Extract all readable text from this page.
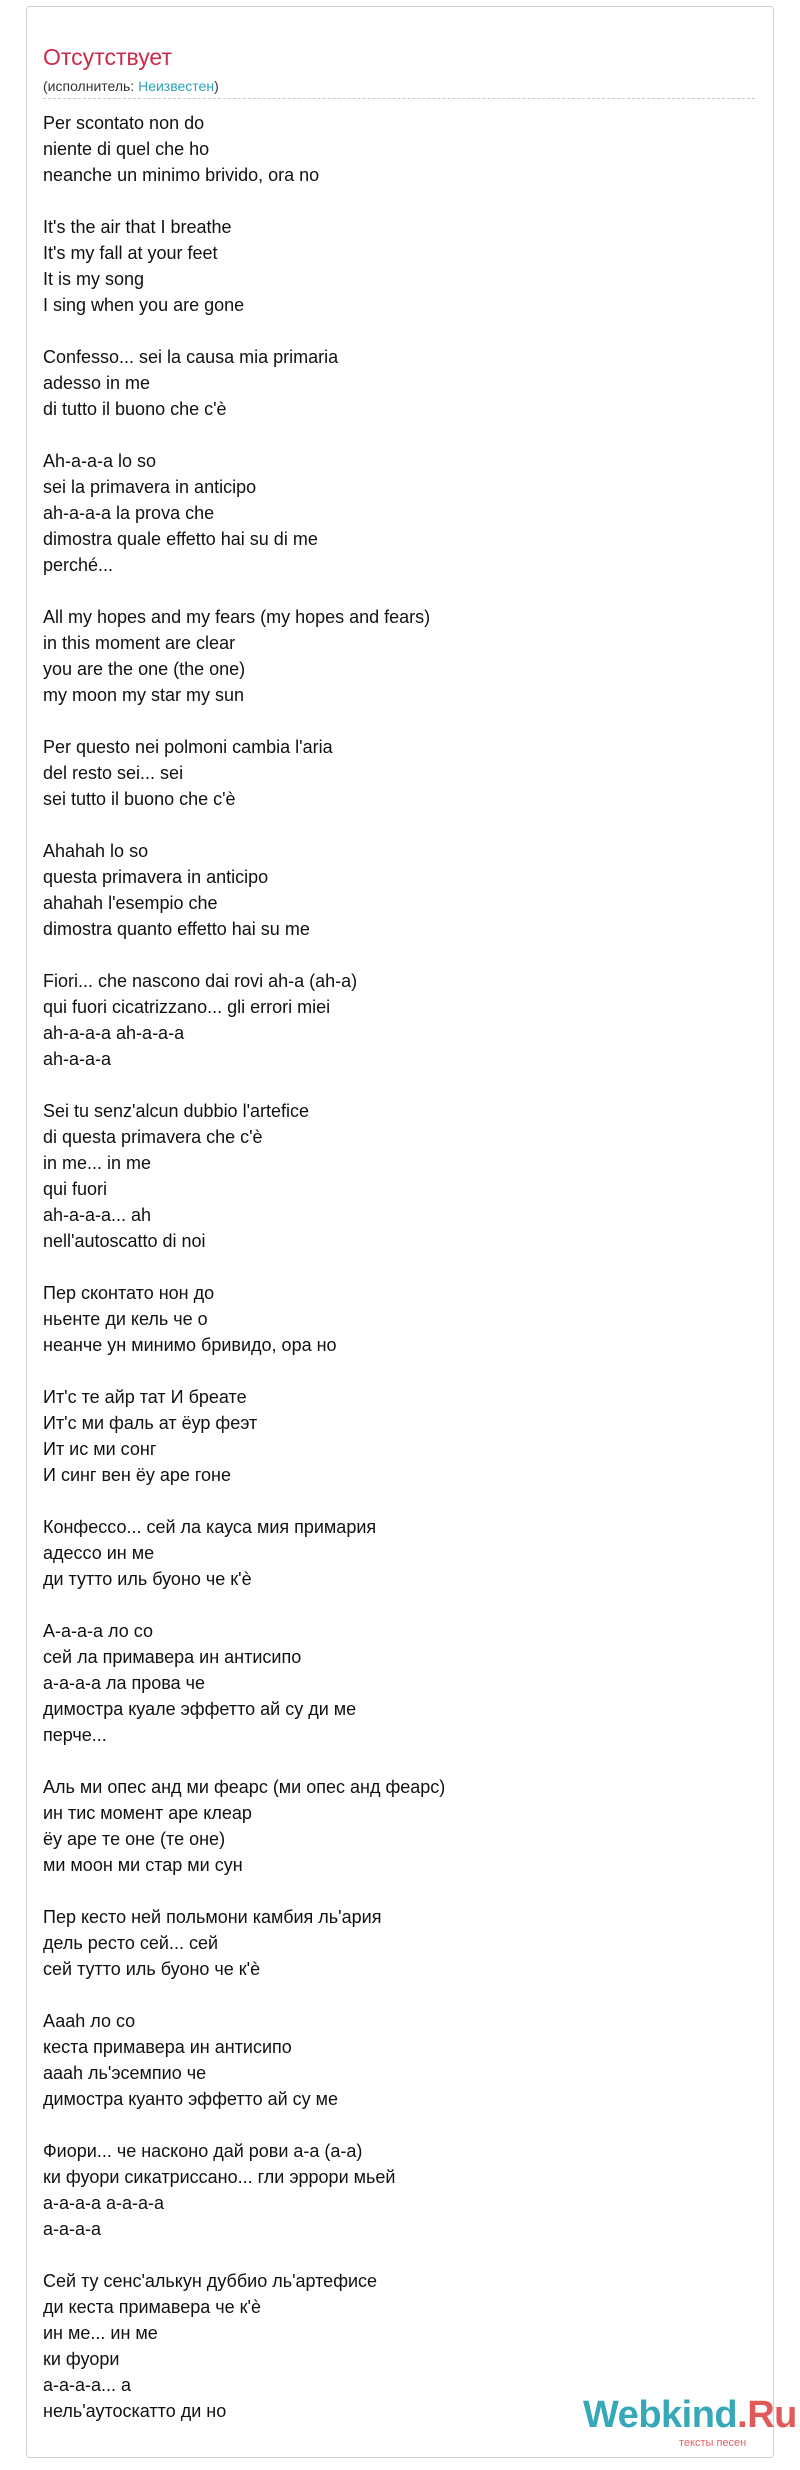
Отсутствует
(исполнитель: Неизвестен)
Per scontato non do
niente di quel che ho
neanche un minimo brivido, ora no
It's the air that I breathe
It's my fall at your feet
It is my song
I sing when you are gone
Confesso... sei la causa mia primaria
adesso in me
di tutto il buono che c'è
Ah-a-a-a lo so
sei la primavera in anticipo
ah-a-a-a la prova che
dimostra quale effetto hai su di me
perché...
All my hopes and my fears (my hopes and fears)
in this moment are clear
you are the one (the one)
my moon my star my sun
Per questo nei polmoni cambia l'aria
del resto sei... sei
sei tutto il buono che c'è
Ahahah lo so
questa primavera in anticipo
ahahah l'esempio che
dimostra quanto effetto hai su me
Fiori... che nascono dai rovi ah-a (ah-a)
qui fuori cicatrizzano... gli errori miei
ah-a-a-a ah-a-a-a
ah-a-a-a
Sei tu senz'alcun dubbio l'artefice
di questa primavera che c'è
in me... in me
qui fuori
ah-a-a-a... ah
nell'autoscatto di noi
Пер сконтато нон до
ньенте ди кель че о
неанче ун минимо бривидо, ора но
Ит'с те айр тат И бреате
Ит'с ми фаль ат ёур феэт
Ит ис ми сонг
И синг вен ёу аре гоне
Конфессо... сей ла кауса мия примария
адессо ин ме
ди тутто иль буоно че к'è
А-а-а-а ло со
сей ла примавера ин антисипо
а-а-а-а ла прова че
димостра куале эффетто ай су ди ме
перче...
Аль ми опес анд ми феарс (ми опес анд феарс)
ин тис момент аре клеар
ёу аре те оне (те оне)
ми моон ми стар ми сун
Пер кесто ней польмони камбия ль'ария
дель ресто сей... сей
сей тутто иль буоно че к'è
Аааh ло со
кеста примавера ин антисипо
аааh ль'эсемпио че
димостра куанто эффетто ай су ме
Фиори... че насконо дай рови а-а (а-а)
ки фуори сикатриссано... гли эррори мьей
а-а-а-а а-а-а-а
а-а-а-а
Сей ту сенс'алькун дуббио ль'артефисе
ди кеста примавера че к'è
ин ме... ин ме
ки фуори
а-а-а-а... а
нель'аутоскатто ди но	Webkind.Ru
тексты песен
